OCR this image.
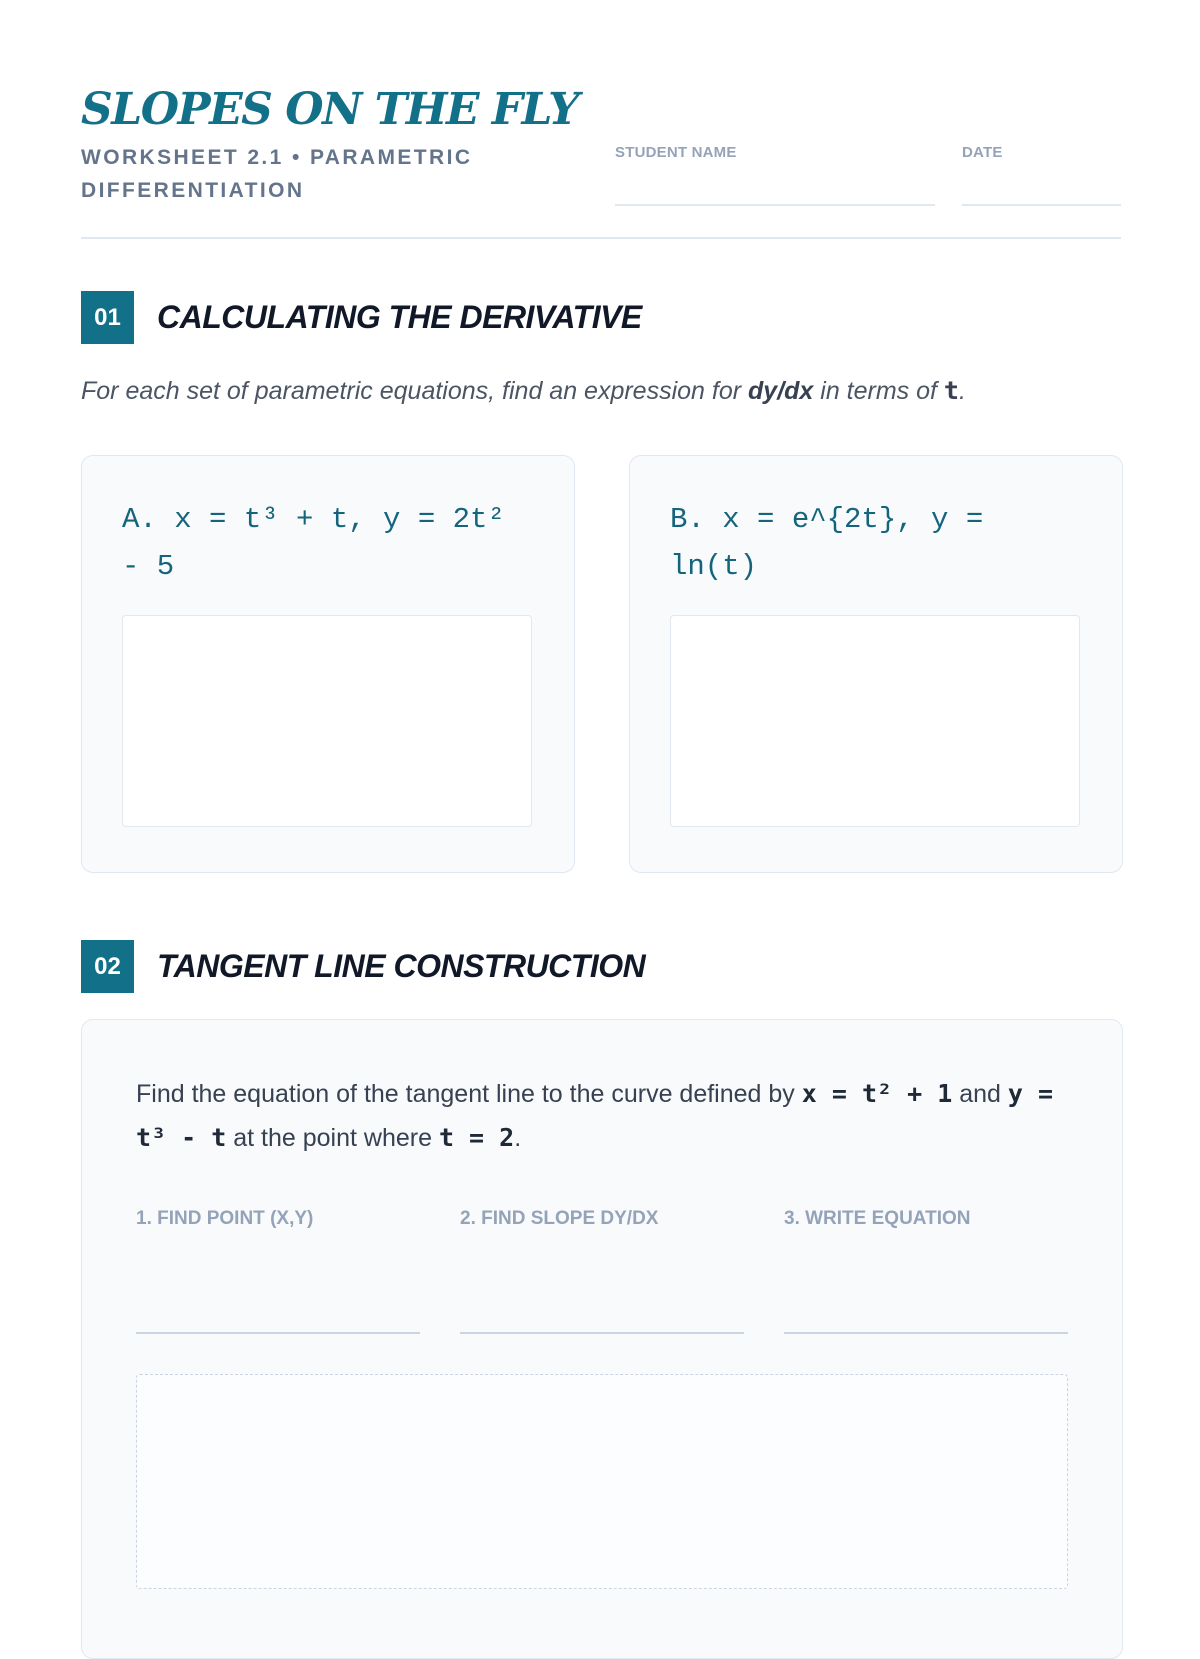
SLOPES ON THE FLY
WORKSHEET 2.1 • PARAMETRIC DIFFERENTIATION
STUDENT NAME	DATE
01	CALCULATING THE DERIVATIVE
For each set of parametric equations, find an expression for dy/dx in terms of t.
A. x = t³ + t, y = 2t² - 5
B. x = e^{2t}, y = ln(t)
02	TANGENT LINE CONSTRUCTION
Find the equation of the tangent line to the curve defined by x = t² + 1 and y = t³ - t at the point where t = 2.
1. FIND POINT (X,Y)	2. FIND SLOPE DY/DX	3. WRITE EQUATION
